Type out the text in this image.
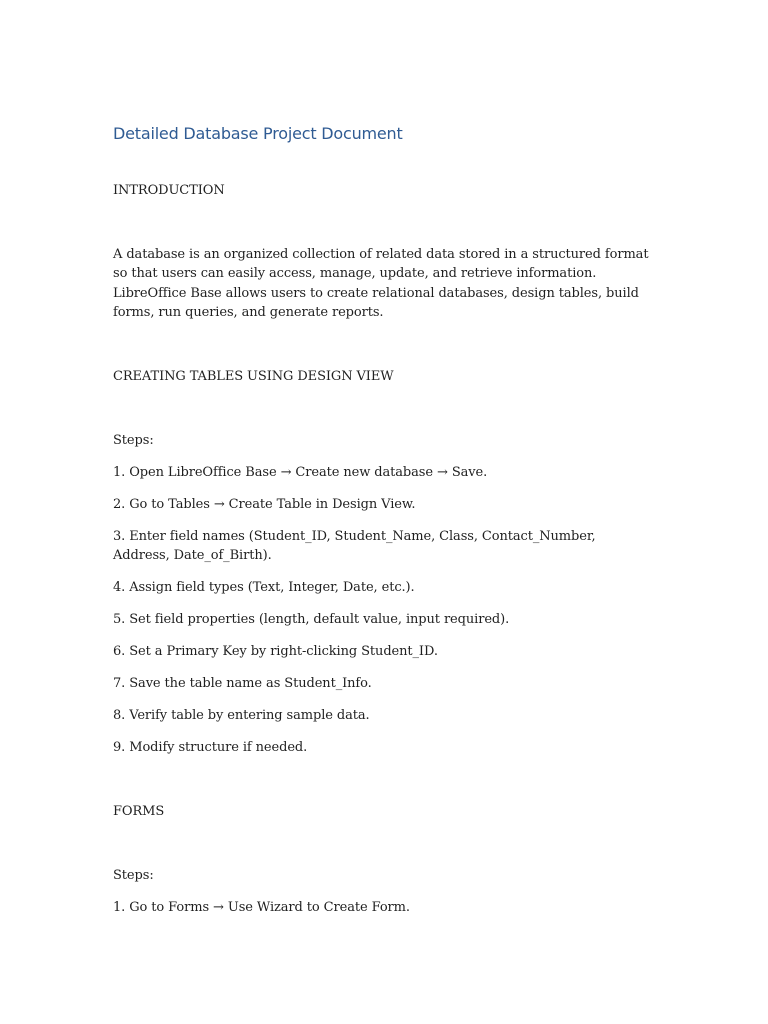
Detailed Database Project Document
INTRODUCTION
A database is an organized collection of related data stored in a structured format so that users can easily access, manage, update, and retrieve information. LibreOffice Base allows users to create relational databases, design tables, build forms, run queries, and generate reports.
CREATING TABLES USING DESIGN VIEW
Steps:
1. Open LibreOffice Base → Create new database → Save.
2. Go to Tables → Create Table in Design View.
3. Enter field names (Student_ID, Student_Name, Class, Contact_Number, Address, Date_of_Birth).
4. Assign field types (Text, Integer, Date, etc.).
5. Set field properties (length, default value, input required).
6. Set a Primary Key by right-clicking Student_ID.
7. Save the table name as Student_Info.
8. Verify table by entering sample data.
9. Modify structure if needed.
FORMS
Steps:
1. Go to Forms → Use Wizard to Create Form.
